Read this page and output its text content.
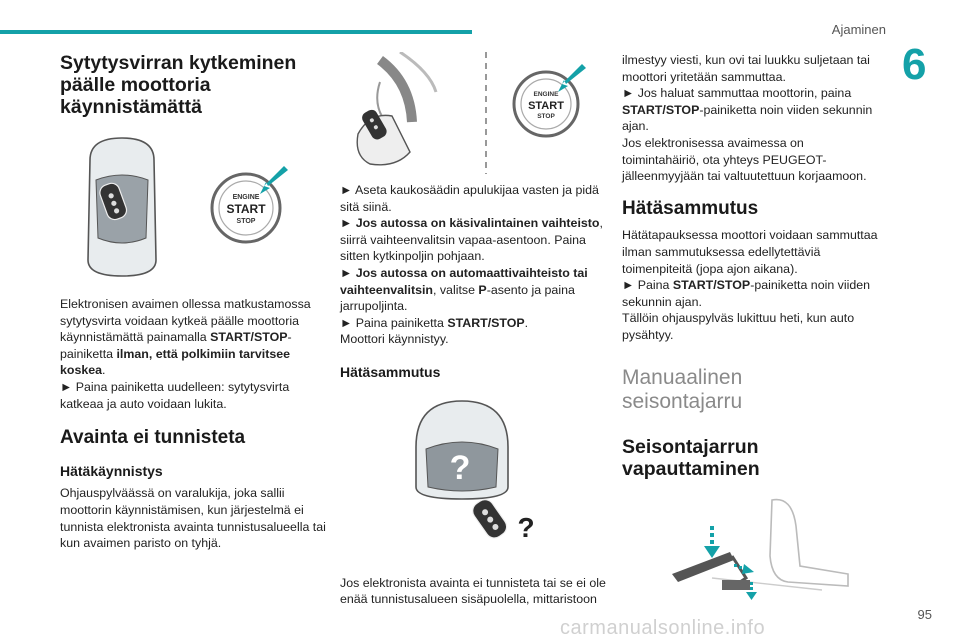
Ajaminen
6
95
Sytytysvirran kytkeminen
päälle moottoria
käynnistämättä
ENGINE
START
STOP

Elektronisen avaimen ollessa matkustamossa sytytysvirta voidaan kytkeä päälle moottoria käynnistämättä painamalla START/STOP-painiketta ilman, että polkimiin tarvitsee koskea.

► Paina painiketta uudelleen: sytytysvirta katkeaa ja auto voidaan lukita.

Avainta ei tunnisteta
Hätäkäynnistys

Ohjauspylväässä on varalukija, joka sallii moottorin käynnistämisen, kun järjestelmä ei tunnista elektronista avainta tunnistusalueella tai kun avaimen paristo on tyhjä.

ENGINE
START
STOP

► Aseta kaukosäädin apulukijaa vasten ja pidä sitä siinä.

► Jos autossa on käsivalintainen vaihteisto, siirrä vaihteenvalitsin vapaa-asentoon. Paina sitten kytkinpoljin pohjaan.

► Jos autossa on automaattivaihteisto tai vaihteenvalitsin, valitse P-asento ja paina jarrupoljinta.

► Paina painiketta START/STOP.

Moottori käynnistyy.

Hätäsammutus
?
?

Jos elektronista avainta ei tunnisteta tai se ei ole enää tunnistusalueen sisäpuolella, mittaristoon

ilmestyy viesti, kun ovi tai luukku suljetaan tai moottori yritetään sammuttaa.

► Jos haluat sammuttaa moottorin, paina START/STOP-painiketta noin viiden sekunnin ajan.

Jos elektronisessa avaimessa on toimintahäiriö, ota yhteys PEUGEOT-jälleenmyyjään tai valtuutettuun korjaamoon.

Hätäsammutus

Hätätapauksessa moottori voidaan sammuttaa ilman sammutuksessa edellytettäviä toimenpiteitä (jopa ajon aikana).

► Paina START/STOP-painiketta noin viiden sekunnin ajan.

Tällöin ohjauspylväs lukittuu heti, kun auto pysähtyy.

Manuaalinen
seisontajarru
Seisontajarrun
vapauttaminen
carmanualsonline.info
